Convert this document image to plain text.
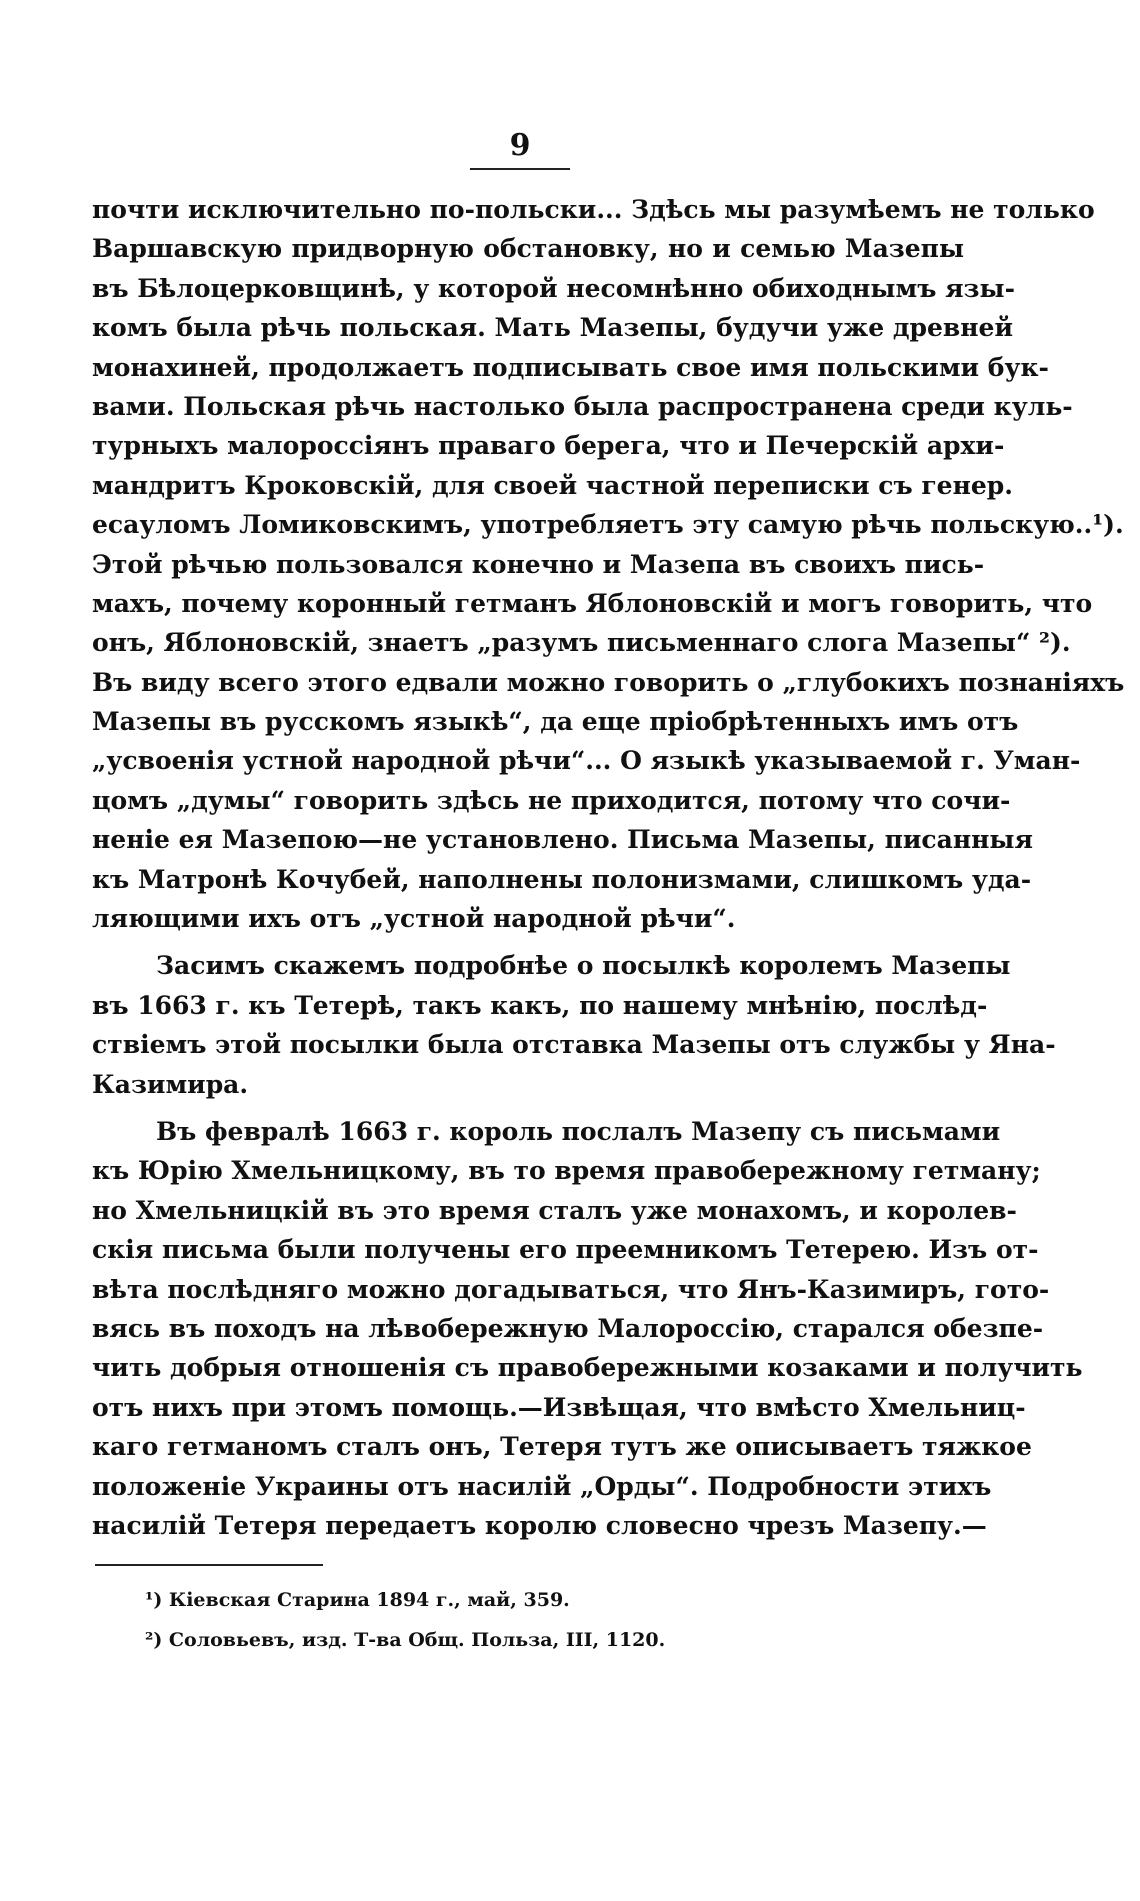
9
почти исключительно по-польски... Здѣсь мы разумѣемъ не только
Варшавскую придворную обстановку, но и семью Мазепы
въ Бѣлоцерковщинѣ, у которой несомнѣнно обиходнымъ язы-
комъ была рѣчь польская. Мать Мазепы, будучи уже древней
монахиней, продолжаетъ подписывать свое имя польскими бук-
вами. Польская рѣчь настолько была распространена среди куль-
турныхъ малороссіянъ праваго берега, что и Печерскій архи-
мандритъ Кроковскій, для своей частной переписки съ генер.
есауломъ Ломиковскимъ, употребляетъ эту самую рѣчь польскую..¹).
Этой рѣчью пользовался конечно и Мазепа въ своихъ пись-
махъ, почему коронный гетманъ Яблоновскій и могъ говорить, что
онъ, Яблоновскій, знаетъ „разумъ письменнаго слога Мазепы“ ²).
Въ виду всего этого едвали можно говорить о „глубокихъ познаніяхъ
Мазепы въ русскомъ языкѣ“, да еще пріобрѣтенныхъ имъ отъ
„усвоенія устной народной рѣчи“... О языкѣ указываемой г. Уман-
цомъ „думы“ говорить здѣсь не приходится, потому что сочи-
неніе ея Мазепою—не установлено. Письма Мазепы, писанныя
къ Матронѣ Кочубей, наполнены полонизмами, слишкомъ уда-
ляющими ихъ отъ „устной народной рѣчи“.
Засимъ скажемъ подробнѣе о посылкѣ королемъ Мазепы
въ 1663 г. къ Тетерѣ, такъ какъ, по нашему мнѣнію, послѣд-
ствіемъ этой посылки была отставка Мазепы отъ службы у Яна-
Казимира.
Въ февралѣ 1663 г. король послалъ Мазепу съ письмами
къ Юрію Хмельницкому, въ то время правобережному гетману;
но Хмельницкій въ это время сталъ уже монахомъ, и королев-
скія письма были получены его преемникомъ Тетерею. Изъ от-
вѣта послѣдняго можно догадываться, что Янъ-Казимиръ, гото-
вясь въ походъ на лѣвобережную Малороссію, старался обезпе-
чить добрыя отношенія съ правобережными козаками и получить
отъ нихъ при этомъ помощь.—Извѣщая, что вмѣсто Хмельниц-
каго гетманомъ сталъ онъ, Тетеря тутъ же описываетъ тяжкое
положеніе Украины отъ насилій „Орды“. Подробности этихъ
насилій Тетеря передаетъ королю словесно чрезъ Мазепу.—
¹) Кіевская Старина 1894 г., май, 359.
²) Соловьевъ, изд. Т-ва Общ. Польза, III, 1120.
